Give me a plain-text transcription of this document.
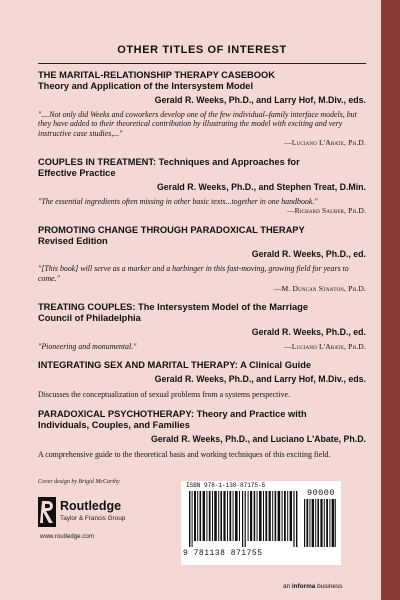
OTHER TITLES OF INTEREST
THE MARITAL-RELATIONSHIP THERAPY CASEBOOK
Theory and Application of the Intersystem Model
Gerald R. Weeks, Ph.D., and Larry Hof, M.Div., eds.
"....Not only did Weeks and coworkers develop one of the few individual–family interface models, but they have added to their theoretical contribution by illustrating the model with exciting and very instructive case studies,..."
—Luciano L'Abate, Ph.D.
COUPLES IN TREATMENT: Techniques and Approaches for
Effective Practice
Gerald R. Weeks, Ph.D., and Stephen Treat, D.Min.
"The essential ingredients often missing in other basic texts...together in one handbook."
—Richard Sauber, Ph.D.
PROMOTING CHANGE THROUGH PARADOXICAL THERAPY
Revised Edition
Gerald R. Weeks, Ph.D., ed.
"[This book] will serve as a marker and a harbinger in this fast-moving, growing field for years to come."
—M. Duncan Stanton, Ph.D.
TREATING COUPLES: The Intersystem Model of the Marriage
Council of Philadelphia
Gerald R. Weeks, Ph.D., ed.
"Pioneering and monumental."	—Luciano L'Abate, Ph.D.
INTEGRATING SEX AND MARITAL THERAPY: A Clinical Guide
Gerald R. Weeks, Ph.D., and Larry Hof, M.Div., eds.
Discusses the conceptualization of sexual problems from a systems perspective.
PARADOXICAL PSYCHOTHERAPY: Theory and Practice with
Individuals, Couples, and Families
Gerald R. Weeks, Ph.D., and Luciano L'Abate, Ph.D.
A comprehensive guide to the theoretical basis and working techniques of this exciting field.
Cover design by Brigid McCarthy
Routledge
Taylor & Francis Group
www.routledge.com
ISBN 978-1-138-87175-5
90000
9 781138 871755
an informa business
